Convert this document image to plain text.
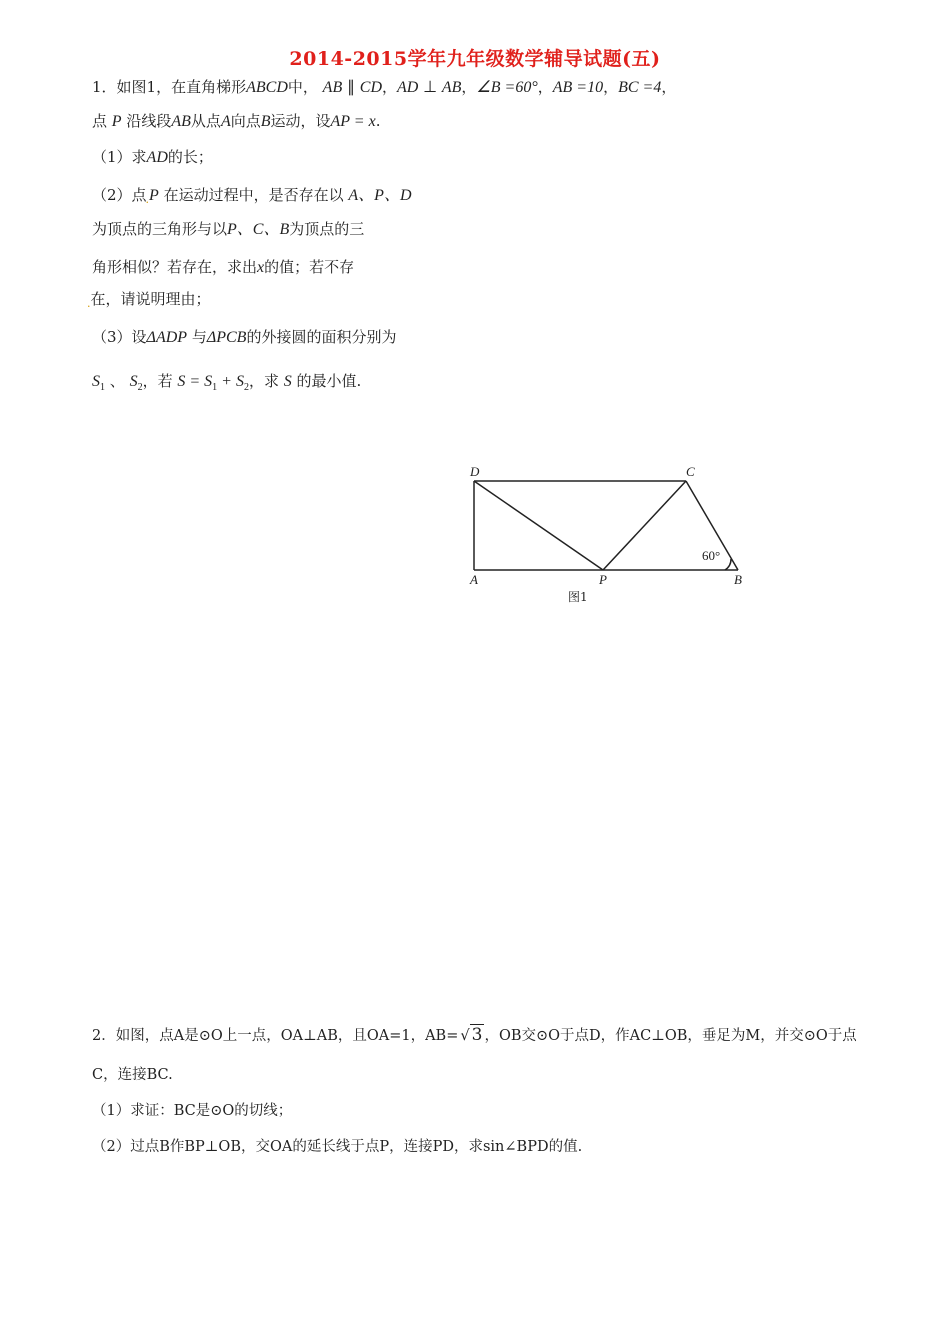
2014-2015学年九年级数学辅导试题(五)
1．如图1，在直角梯形ABCD中， AB ∥ CD，AD ⊥ AB，∠B =60°，AB =10，BC =4，
点 P 沿线段AB从点A向点B运动，设AP = x.
（1）求AD的长；
（2）点$_.$P 在运动过程中，是否存在以 A、P、D
为顶点的三角形与以P、C、B为顶点的三
角形相似？若存在，求出x的值；若不存
$_.$在，请说明理由；
（3）设ΔADP 与ΔPCB的外接圆的面积分别为
$S_1$ 、 $S_2$，若 $S = S_1 + S_2$，求 S 的最小值.
D	C
A	P	B
60°
图1
2．如图，点A是⊙O上一点，OA⊥AB，且OA=1，AB= √ 3 ，OB交⊙O于点D，作AC⊥OB，垂足为M，并交⊙O于点
C，连接BC.
（1）求证：BC是⊙O的切线；
（2）过点B作BP⊥OB，交OA的延长线于点P，连接PD，求sin∠BPD的值.
